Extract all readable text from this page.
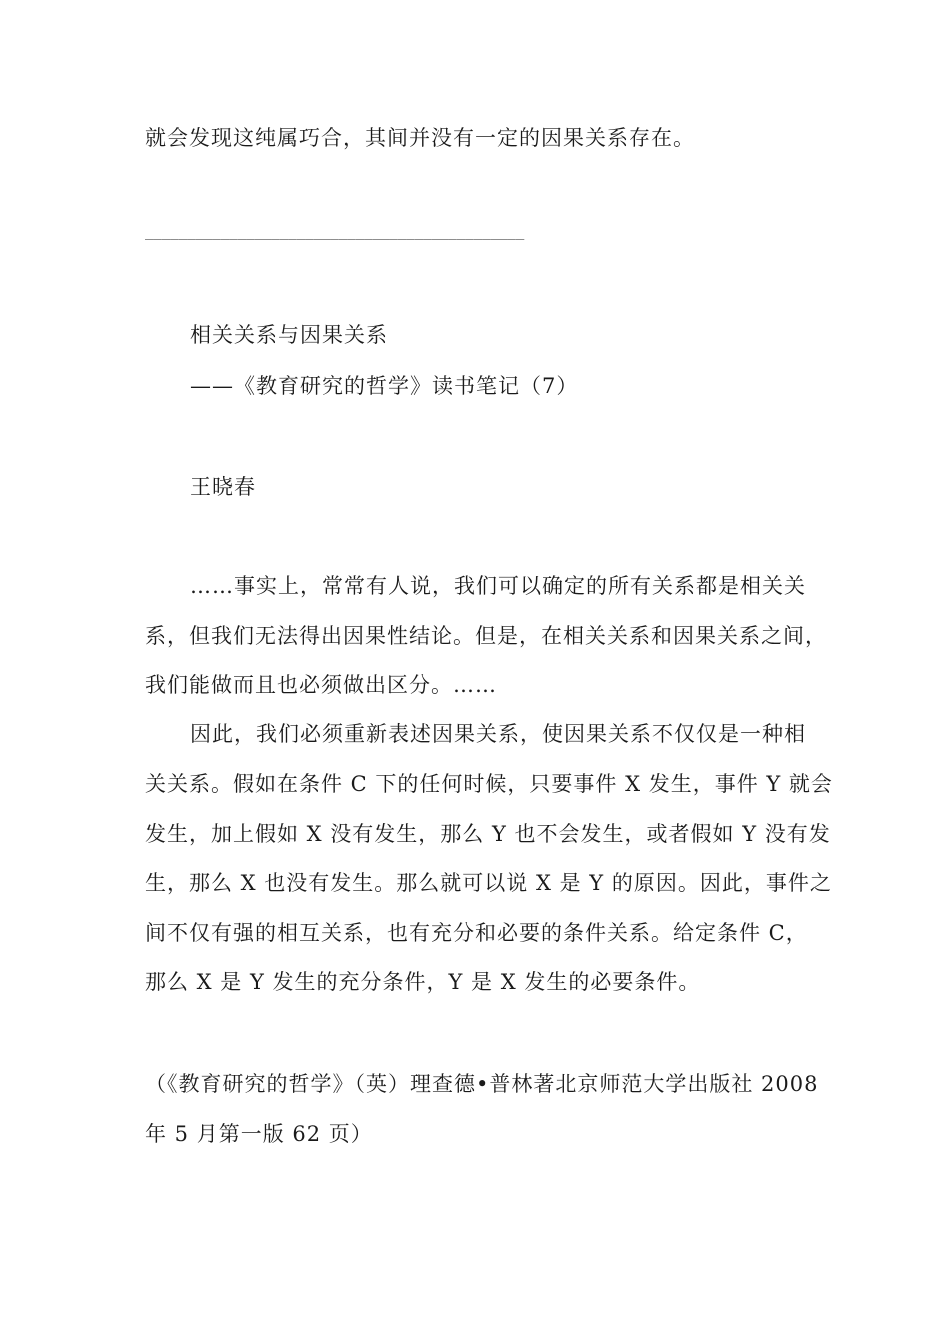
就会发现这纯属巧合，其间并没有一定的因果关系存在。
_____________________________________________
相关关系与因果关系
——《教育研究的哲学》读书笔记（7）
王晓春
……事实上，常常有人说，我们可以确定的所有关系都是相关关
系，但我们无法得出因果性结论。但是，在相关关系和因果关系之间，
我们能做而且也必须做出区分。……
因此，我们必须重新表述因果关系，使因果关系不仅仅是一种相
关关系。假如在条件 C 下的任何时候，只要事件 X 发生，事件 Y 就会
发生，加上假如 X 没有发生，那么 Y 也不会发生，或者假如 Y 没有发
生，那么 X 也没有发生。那么就可以说 X 是 Y 的原因。因此，事件之
间不仅有强的相互关系，也有充分和必要的条件关系。给定条件 C，
那么 X 是 Y 发生的充分条件，Y 是 X 发生的必要条件。
（《教育研究的哲学》（英）理查德•普林著北京师范大学出版社 2008
年 5 月第一版 62 页）
